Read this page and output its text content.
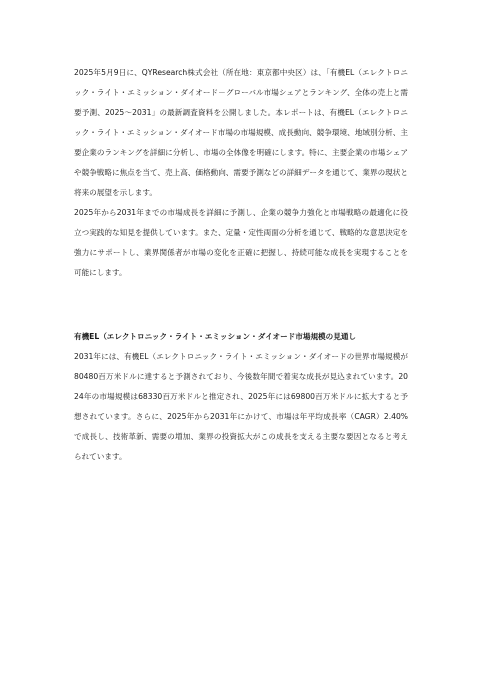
2025年5月9日に、QYResearch株式会社（所在地：東京都中央区）は、「有機EL（エレクトロニック・ライト・エミッション・ダイオード－グローバル市場シェアとランキング、全体の売上と需要予測、2025～2031」の最新調査資料を公開しました。本レポートは、有機EL（エレクトロニック・ライト・エミッション・ダイオード市場の市場規模、成長動向、競争環境、地域別分析、主要企業のランキングを詳細に分析し、市場の全体像を明確にします。特に、主要企業の市場シェアや競争戦略に焦点を当て、売上高、価格動向、需要予測などの詳細データを通じて、業界の現状と将来の展望を示します。

2025年から2031年までの市場成長を詳細に予測し、企業の競争力強化と市場戦略の最適化に役立つ実践的な知見を提供しています。また、定量・定性両面の分析を通じて、戦略的な意思決定を強力にサポートし、業界関係者が市場の変化を正確に把握し、持続可能な成長を実現することを可能にします。

有機EL（エレクトロニック・ライト・エミッション・ダイオード市場規模の見通し

2031年には、有機EL（エレクトロニック・ライト・エミッション・ダイオードの世界市場規模が80480百万米ドルに達すると予測されており、今後数年間で着実な成長が見込まれています。2024年の市場規模は68330百万米ドルと推定され、2025年には69800百万米ドルに拡大すると予想されています。さらに、2025年から2031年にかけて、市場は年平均成長率（CAGR）2.40%で成長し、技術革新、需要の増加、業界の投資拡大がこの成長を支える主要な要因となると考えられています。
